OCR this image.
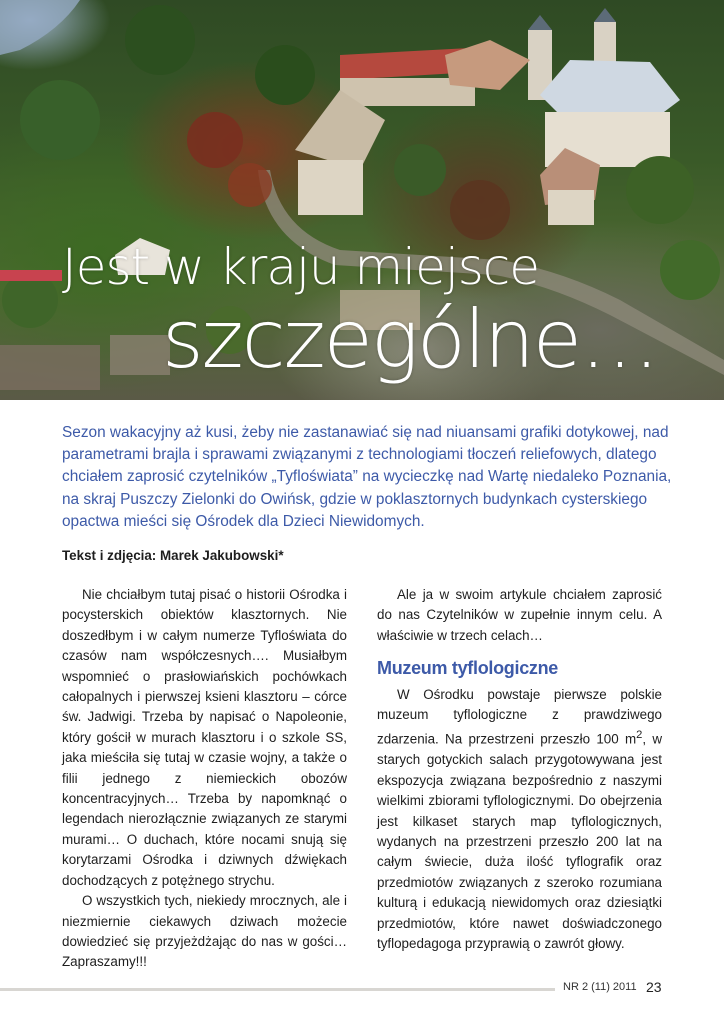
Jest w kraju miejsce
szczególne…
Sezon wakacyjny aż kusi, żeby nie zastanawiać się nad niuansami grafiki dotykowej, nad parametrami brajla i sprawami związanymi z technologiami tłoczeń reliefowych, dlatego chciałem zaprosić czytelników „Tyfloświata” na wycieczkę nad Wartę niedaleko Poznania, na skraj Puszczy Zielonki do Owińsk, gdzie w poklasztornych budynkach cysterskiego opactwa mieści się Ośrodek dla Dzieci Niewidomych.
Tekst i zdjęcia: Marek Jakubowski*

Nie chciałbym tutaj pisać o historii Ośrodka i pocysterskich obiektów klasztornych. Nie doszedłbym i w całym numerze Tyfloświata do czasów nam współczesnych…. Musiałbym wspomnieć o prasłowiańskich pochówkach całopalnych i pierwszej ksieni klasztoru – córce św. Jadwigi. Trzeba by napisać o Napoleonie, który gościł w murach klasztoru i o szkole SS, jaka mieściła się tutaj w czasie wojny, a także o filii jednego z niemieckich obozów koncentracyjnych… Trzeba by napomknąć o legendach nierozłącznie związanych ze starymi murami… O duchach, które nocami snują się korytarzami Ośrodka i dziwnych dźwiękach dochodzących z potężnego strychu.

O wszystkich tych, niekiedy mrocznych, ale i niezmiernie ciekawych dziwach możecie dowiedzieć się przyjeżdżając do nas w gości… Zapraszamy!!!

Ale ja w swoim artykule chciałem zaprosić do nas Czytelników w zupełnie innym celu. A właściwie w trzech celach…

Muzeum tyflologiczne

W Ośrodku powstaje pierwsze polskie muzeum tyflologiczne z prawdziwego zdarzenia. Na przestrzeni przeszło 100 $m^2$, w starych gotyckich salach przygotowywana jest ekspozycja związana bezpośrednio z naszymi wielkimi zbiorami tyflologicznymi. Do obejrzenia jest kilkaset starych map tyflologicznych, wydanych na przestrzeni przeszło 200 lat na całym świecie, duża ilość tyflografik oraz przedmiotów związanych z szeroko rozumiana kulturą i edukacją niewidomych oraz dziesiątki przedmiotów, które nawet doświadczonego tyflopedagoga przyprawią o zawrót głowy.

NR 2 (11) 2011 23
